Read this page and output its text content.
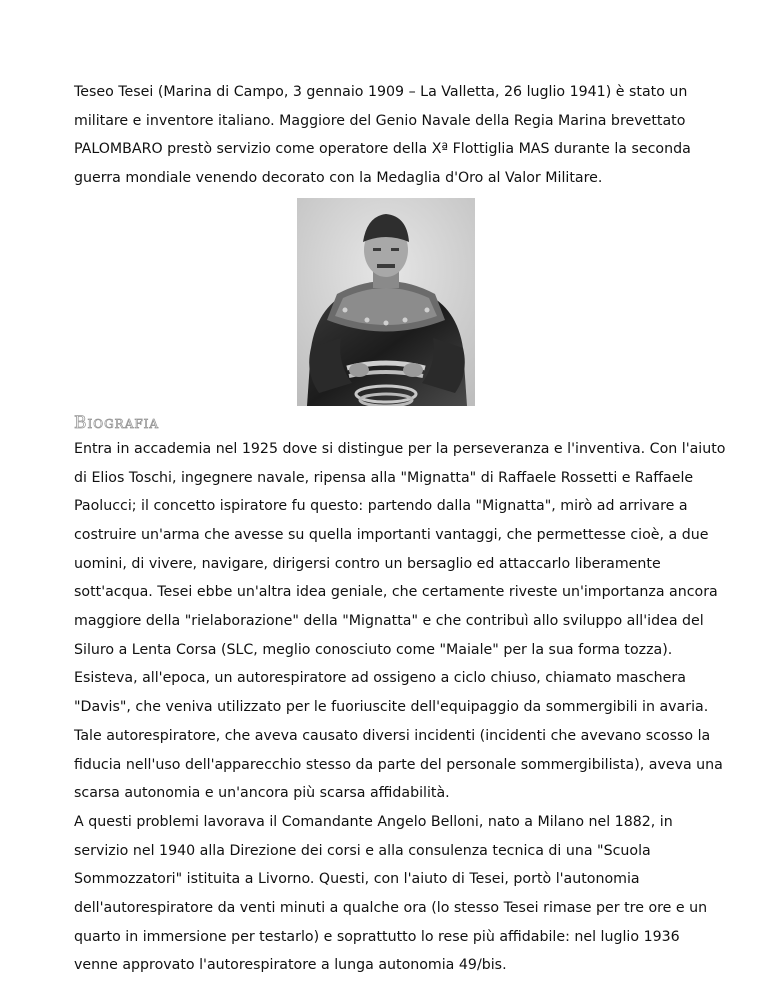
Teseo Tesei (Marina di Campo, 3 gennaio 1909 – La Valletta, 26 luglio 1941) è stato un
militare e inventore italiano. Maggiore del Genio Navale della Regia Marina brevettato
PALOMBARO prestò servizio come operatore della Xª Flottiglia MAS durante la seconda
guerra mondiale venendo decorato con la Medaglia d'Oro al Valor Militare.

Biografia

Entra in accademia nel 1925 dove si distingue per la perseveranza e l'inventiva. Con l'aiuto
di Elios Toschi, ingegnere navale, ripensa alla "Mignatta" di Raffaele Rossetti e Raffaele
Paolucci; il concetto ispiratore fu questo: partendo dalla "Mignatta", mirò ad arrivare a
costruire un'arma che avesse su quella importanti vantaggi, che permettesse cioè, a due
uomini, di vivere, navigare, dirigersi contro un bersaglio ed attaccarlo liberamente
sott'acqua. Tesei ebbe un'altra idea geniale, che certamente riveste un'importanza ancora
maggiore della "rielaborazione" della "Mignatta" e che contribuì allo sviluppo all'idea del
Siluro a Lenta Corsa (SLC, meglio conosciuto come "Maiale" per la sua forma tozza).
Esisteva, all'epoca, un autorespiratore ad ossigeno a ciclo chiuso, chiamato maschera
"Davis", che veniva utilizzato per le fuoriuscite dell'equipaggio da sommergibili in avaria.
Tale autorespiratore, che aveva causato diversi incidenti (incidenti che avevano scosso la
fiducia nell'uso dell'apparecchio stesso da parte del personale sommergibilista), aveva una
scarsa autonomia e un'ancora più scarsa affidabilità.
A questi problemi lavorava il Comandante Angelo Belloni, nato a Milano nel 1882, in
servizio nel 1940 alla Direzione dei corsi e alla consulenza tecnica di una "Scuola
Sommozzatori" istituita a Livorno. Questi, con l'aiuto di Tesei, portò l'autonomia
dell'autorespiratore da venti minuti a qualche ora (lo stesso Tesei rimase per tre ore e un
quarto in immersione per testarlo) e soprattutto lo rese più affidabile: nel luglio 1936
venne approvato l'autorespiratore a lunga autonomia 49/bis.
